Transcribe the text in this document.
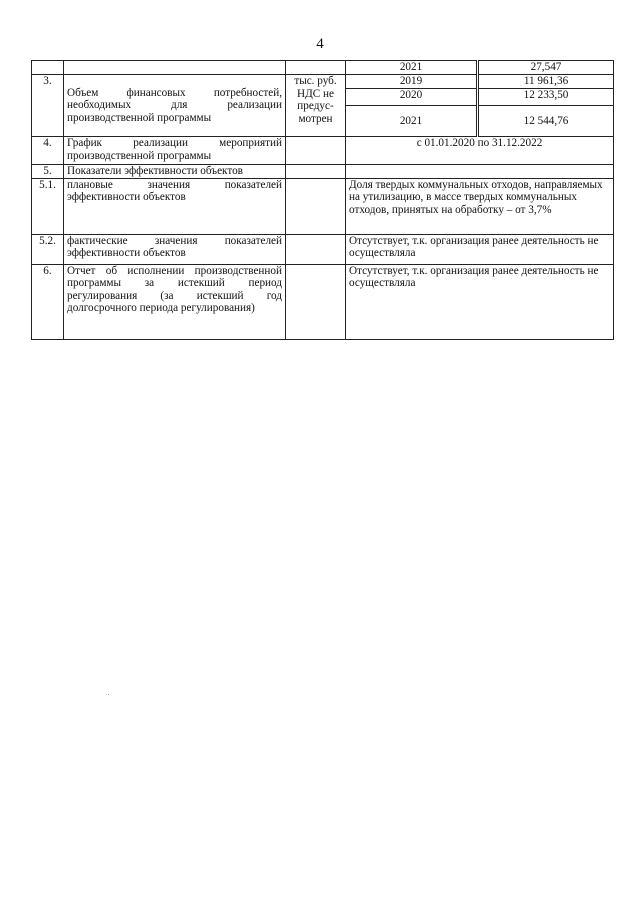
4
			2021	27,547
3.	Объем финансовых потребностей, необходимых для реализации производственной программы	тыс. руб. НДС не предус-мотрен	2019	11 961,36
			2020	12 233,50
			2021	12 544,76
4.	График реализации мероприятий производственной программы		с 01.01.2020 по 31.12.2022	
5.	Показатели эффективности объектов			
5.1.	плановые значения показателей эффективности объектов		Доля твердых коммунальных отходов, направляемых на утилизацию, в массе твердых коммунальных отходов, принятых на обработку – от 3,7%	
5.2.	фактические значения показателей эффективности объектов		Отсутствует, т.к. организация ранее деятельность не осуществляла	
6.	Отчет об исполнении производственной программы за истекший период регулирования (за истекший год долгосрочного периода регулирования)		Отсутствует, т.к. организация ранее деятельность не осуществляла	
